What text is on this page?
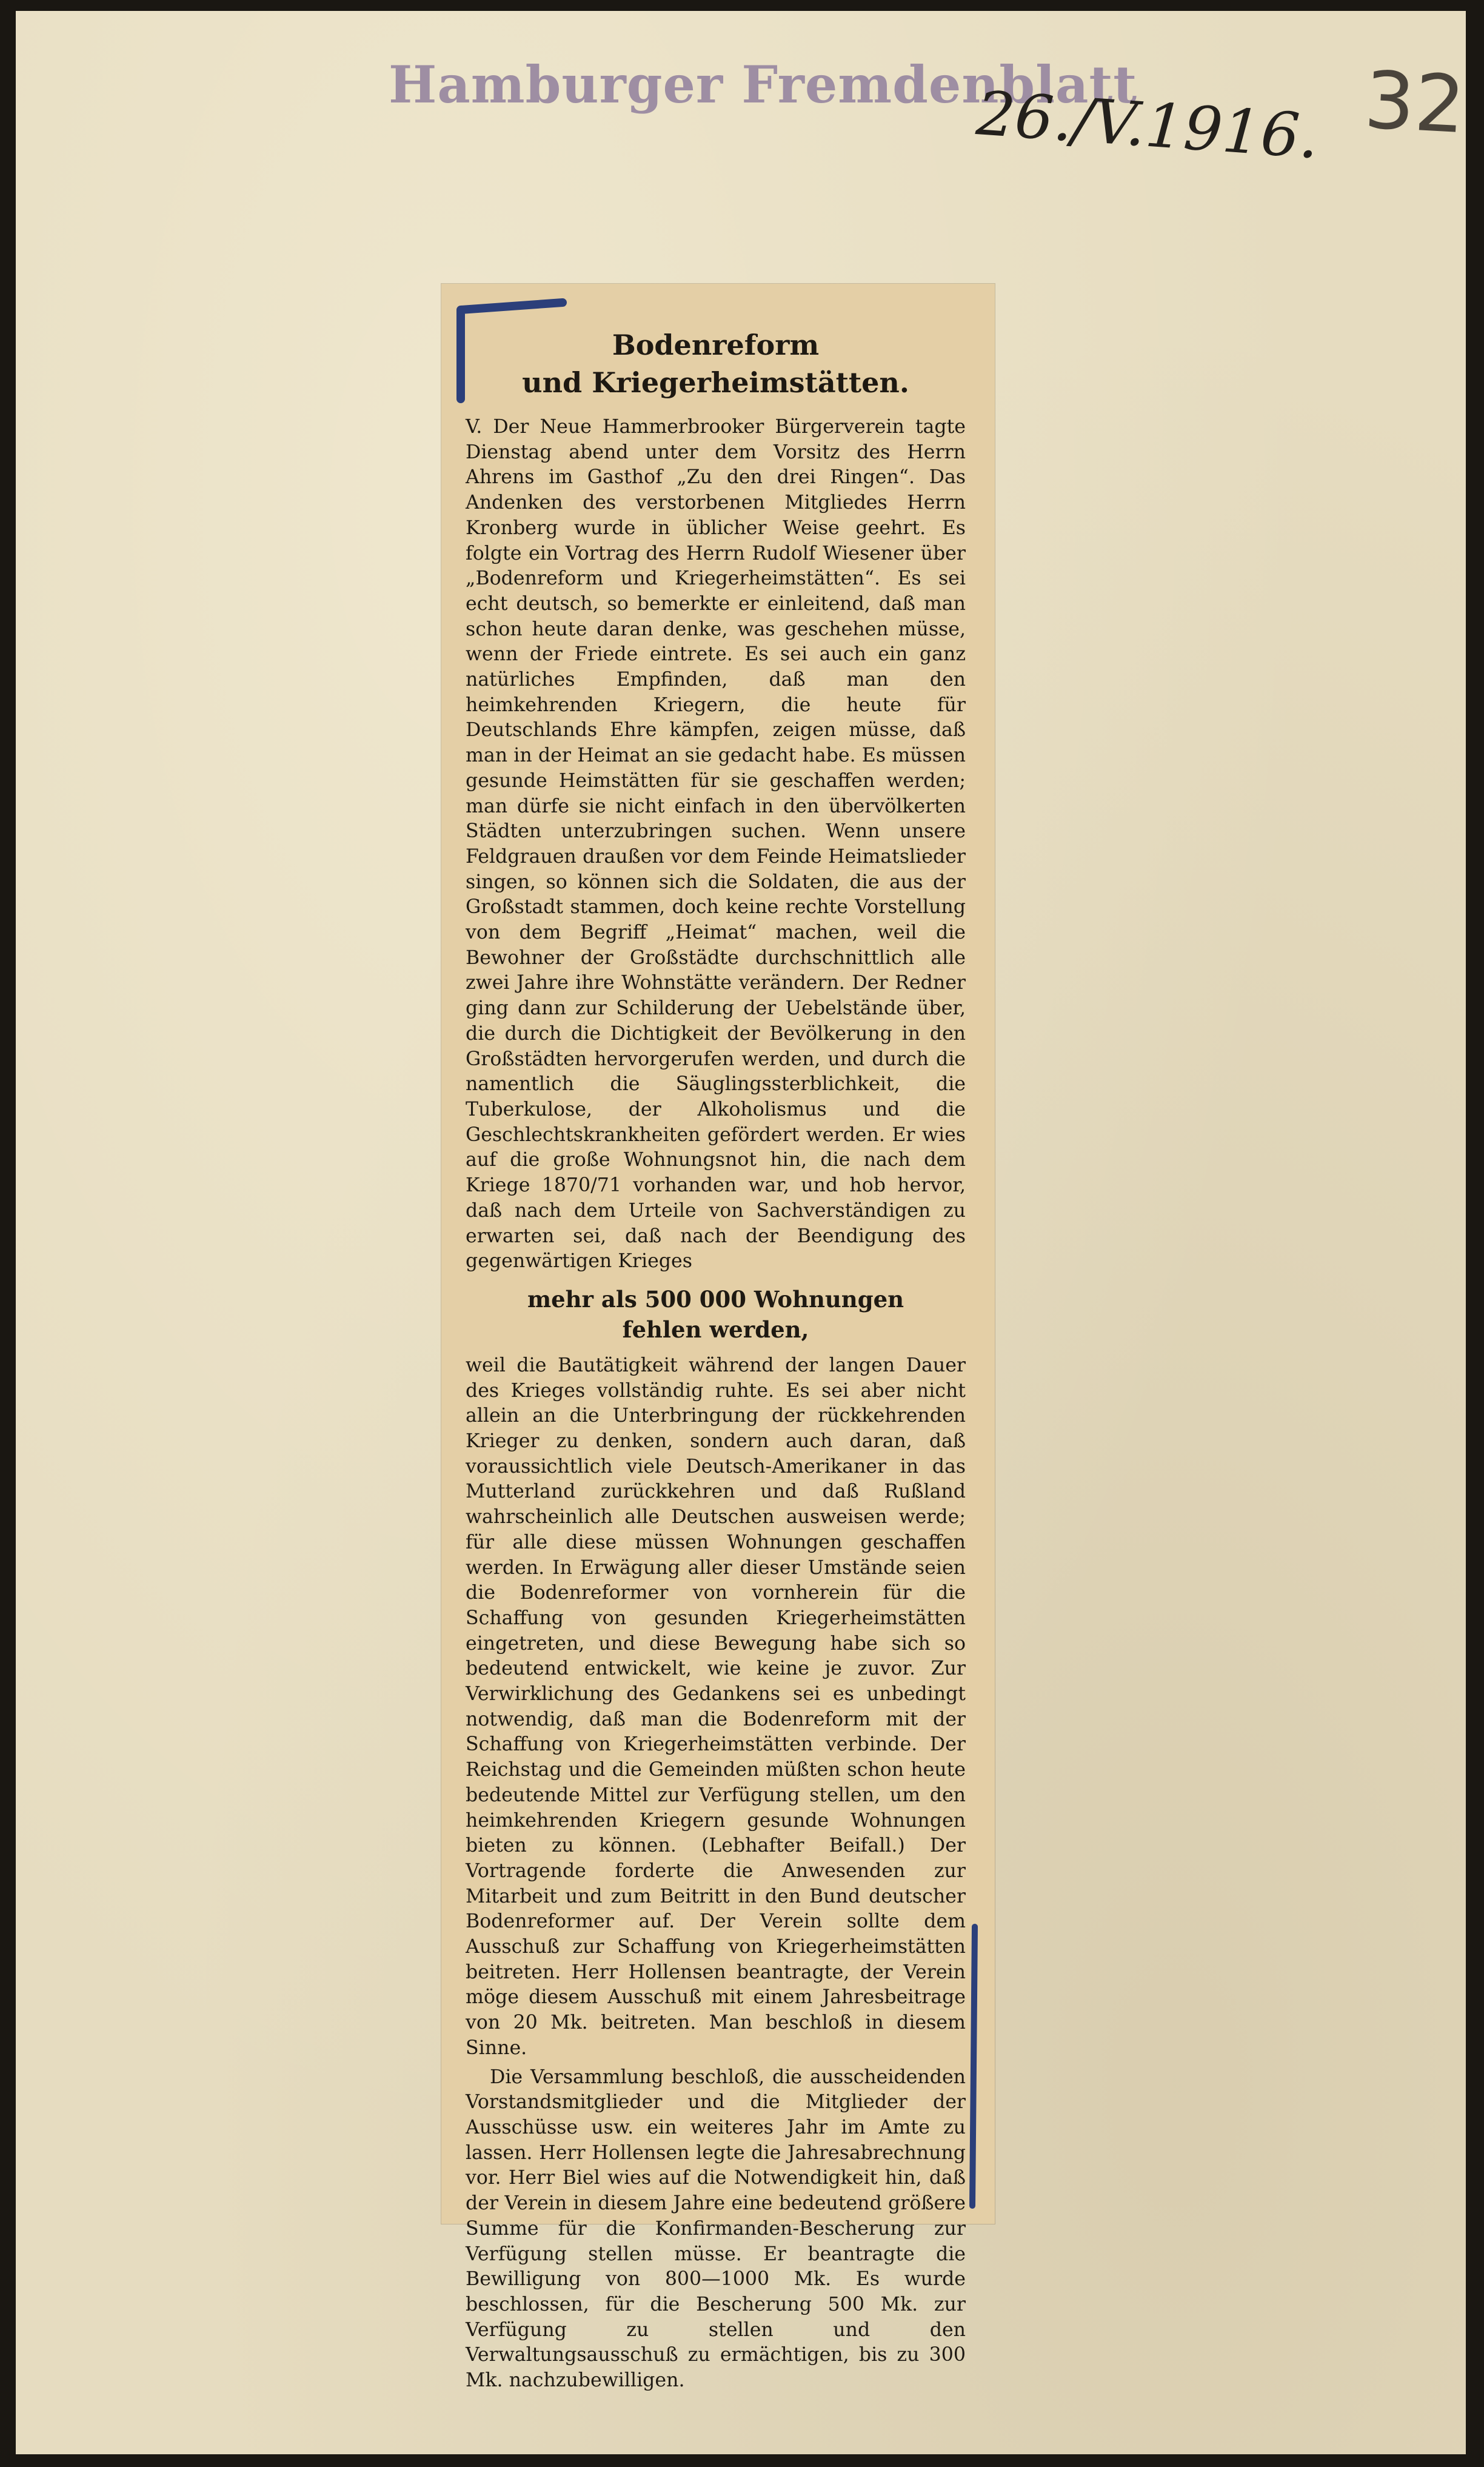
Hamburger Fremdenblatt
26./V.1916. 32
Bodenreform
und Kriegerheimstätten.

V. Der Neue Hammerbrooker Bürgerverein tagte Dienstag abend unter dem Vorsitz des Herrn Ahrens im Gasthof „Zu den drei Ringen“. Das Andenken des verstorbenen Mitgliedes Herrn Kronberg wurde in üblicher Weise geehrt. Es folgte ein Vortrag des Herrn Rudolf Wiesener über „Bodenreform und Kriegerheimstätten“. Es sei echt deutsch, so bemerkte er einleitend, daß man schon heute daran denke, was geschehen müsse, wenn der Friede eintrete. Es sei auch ein ganz natürliches Empfinden, daß man den heimkehrenden Kriegern, die heute für Deutschlands Ehre kämpfen, zeigen müsse, daß man in der Heimat an sie gedacht habe. Es müssen gesunde Heimstätten für sie geschaffen werden; man dürfe sie nicht einfach in den übervölkerten Städten unterzubringen suchen. Wenn unsere Feldgrauen draußen vor dem Feinde Heimatslieder singen, so können sich die Soldaten, die aus der Großstadt stammen, doch keine rechte Vorstellung von dem Begriff „Heimat“ machen, weil die Bewohner der Großstädte durchschnittlich alle zwei Jahre ihre Wohnstätte verändern. Der Redner ging dann zur Schilderung der Uebelstände über, die durch die Dichtigkeit der Bevölkerung in den Großstädten hervorgerufen werden, und durch die namentlich die Säuglingssterblichkeit, die Tuberkulose, der Alkoholismus und die Geschlechtskrankheiten gefördert werden. Er wies auf die große Wohnungsnot hin, die nach dem Kriege 1870/71 vorhanden war, und hob hervor, daß nach dem Urteile von Sachverständigen zu erwarten sei, daß nach der Beendigung des gegenwärtigen Krieges

mehr als 500 000 Wohnungen
fehlen werden,

weil die Bautätigkeit während der langen Dauer des Krieges vollständig ruhte. Es sei aber nicht allein an die Unterbringung der rückkehrenden Krieger zu denken, sondern auch daran, daß voraussichtlich viele Deutsch-Amerikaner in das Mutterland zurückkehren und daß Rußland wahrscheinlich alle Deutschen ausweisen werde; für alle diese müssen Wohnungen geschaffen werden. In Erwägung aller dieser Umstände seien die Bodenreformer von vornherein für die Schaffung von gesunden Kriegerheimstätten eingetreten, und diese Bewegung habe sich so bedeutend entwickelt, wie keine je zuvor. Zur Verwirklichung des Gedankens sei es unbedingt notwendig, daß man die Bodenreform mit der Schaffung von Kriegerheimstätten verbinde. Der Reichstag und die Gemeinden müßten schon heute bedeutende Mittel zur Verfügung stellen, um den heimkehrenden Kriegern gesunde Wohnungen bieten zu können. (Lebhafter Beifall.) Der Vortragende forderte die Anwesenden zur Mitarbeit und zum Beitritt in den Bund deutscher Bodenreformer auf. Der Verein sollte dem Ausschuß zur Schaffung von Kriegerheimstätten beitreten. Herr Hollensen beantragte, der Verein möge diesem Ausschuß mit einem Jahresbeitrage von 20 Mk. beitreten. Man beschloß in diesem Sinne.

Die Versammlung beschloß, die ausscheidenden Vorstandsmitglieder und die Mitglieder der Ausschüsse usw. ein weiteres Jahr im Amte zu lassen. Herr Hollensen legte die Jahresabrechnung vor. Herr Biel wies auf die Notwendigkeit hin, daß der Verein in diesem Jahre eine bedeutend größere Summe für die Konfirmanden-Bescherung zur Verfügung stellen müsse. Er beantragte die Bewilligung von 800—1000 Mk. Es wurde beschlossen, für die Bescherung 500 Mk. zur Verfügung zu stellen und den Verwaltungsausschuß zu ermächtigen, bis zu 300 Mk. nachzubewilligen.
